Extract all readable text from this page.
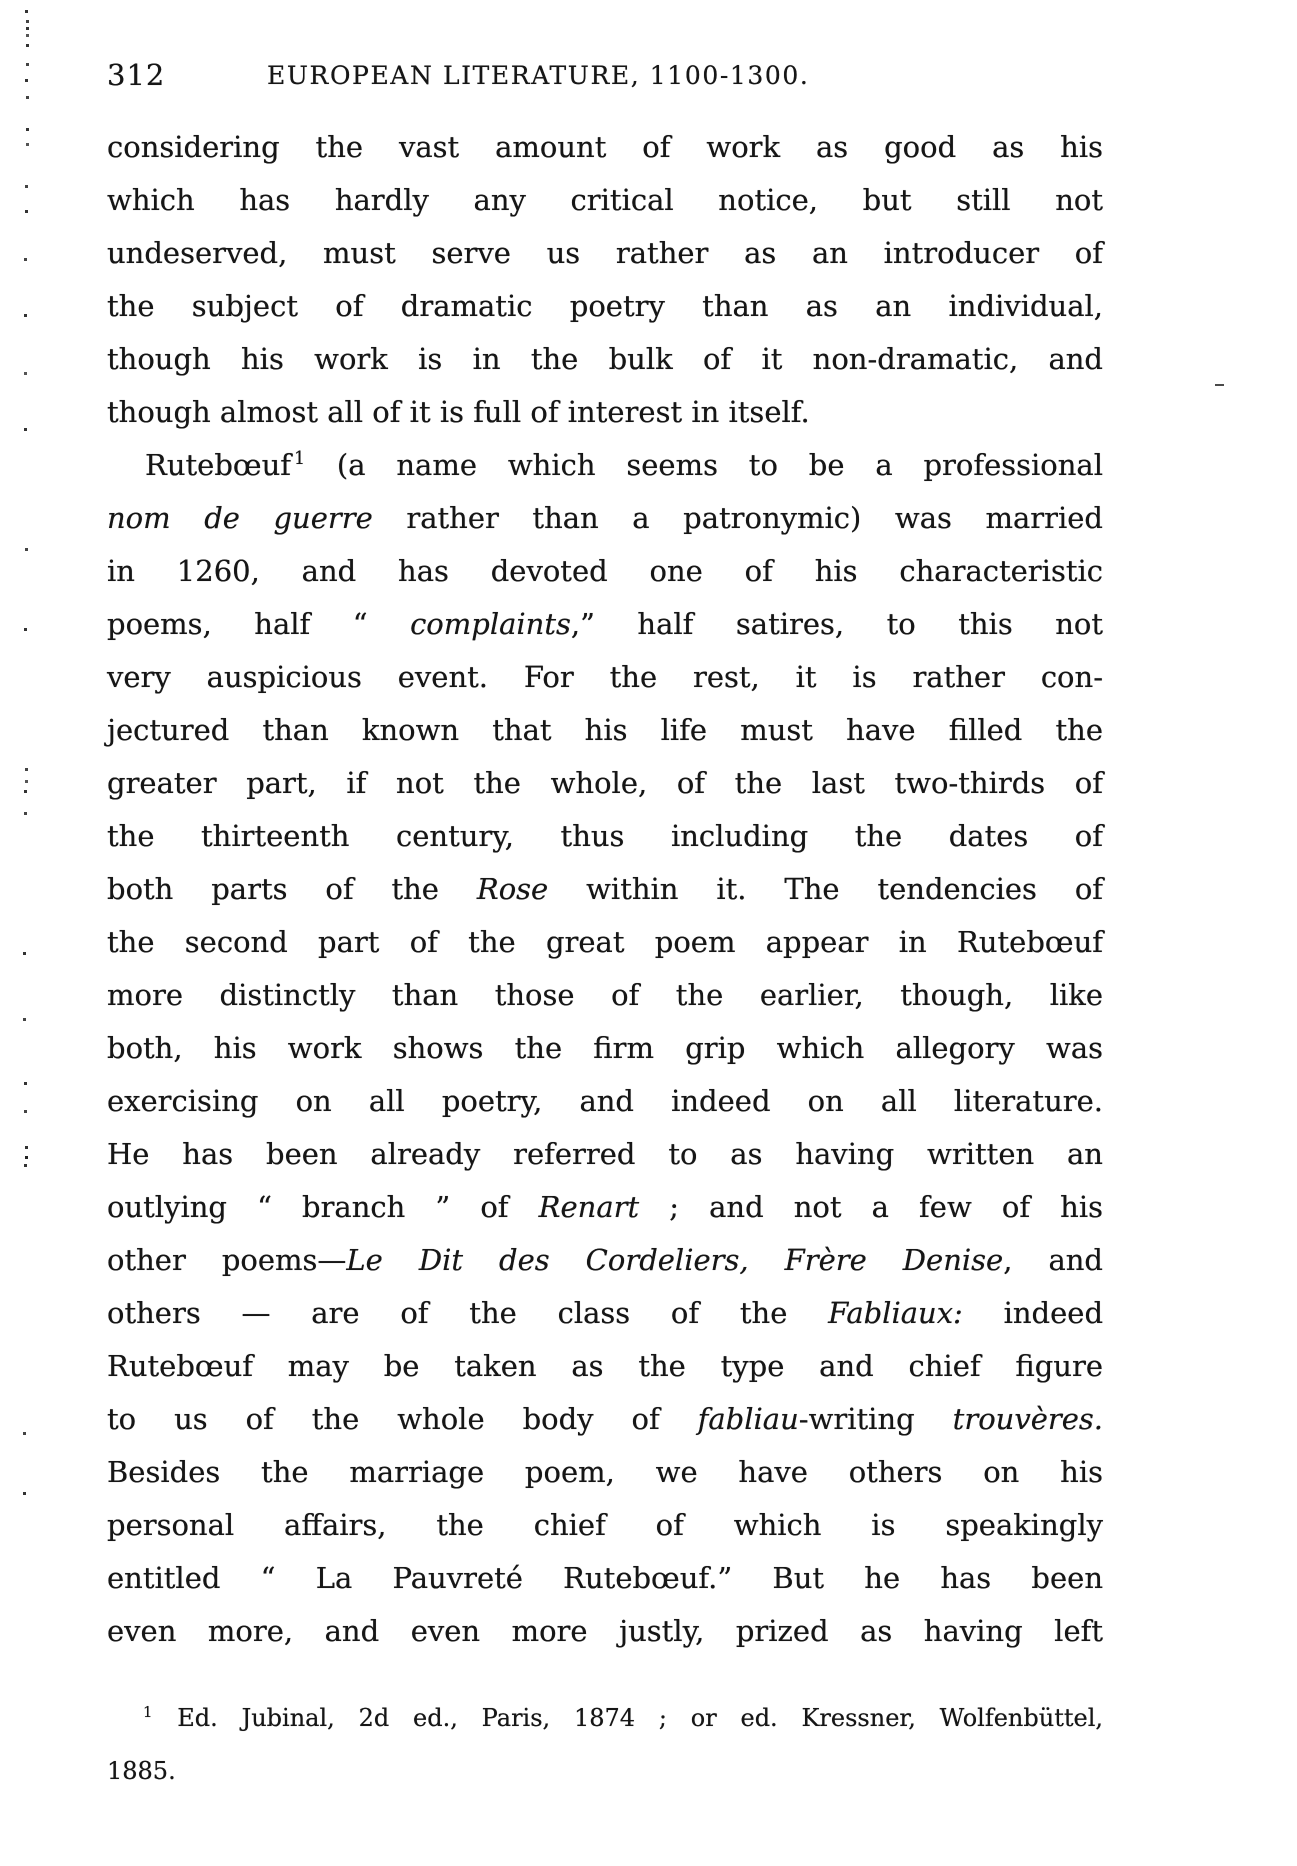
312	EUROPEAN LITERATURE, 1100-1300.
considering the vast amount of work as good as his
which has hardly any critical notice, but still not
undeserved, must serve us rather as an introducer of
the subject of dramatic poetry than as an individual,
though his work is in the bulk of it non-dramatic, and
though almost all of it is full of interest in itself.
Rutebœuf $^1$ (a name which seems to be a professional
nom de guerre rather than a patronymic) was married
in 1260, and has devoted one of his characteristic
poems, half “ complaints,” half satires, to this not
very auspicious event. For the rest, it is rather con-
jectured than known that his life must have filled the
greater part, if not the whole, of the last two-thirds of
the thirteenth century, thus including the dates of
both parts of the Rose within it. The tendencies of
the second part of the great poem appear in Rutebœuf
more distinctly than those of the earlier, though, like
both, his work shows the firm grip which allegory was
exercising on all poetry, and indeed on all literature.
He has been already referred to as having written an
outlying “ branch ” of Renart ; and not a few of his
other poems—Le Dit des Cordeliers, Frère Denise, and
others — are of the class of the Fabliaux: indeed
Rutebœuf may be taken as the type and chief figure
to us of the whole body of fabliau-writing trouvères.
Besides the marriage poem, we have others on his
personal affairs, the chief of which is speakingly
entitled “ La Pauvreté Rutebœuf.” But he has been
even more, and even more justly, prized as having left
$^1$ Ed. Jubinal, 2d ed., Paris, 1874 ; or ed. Kressner, Wolfenbüttel,
1885.
